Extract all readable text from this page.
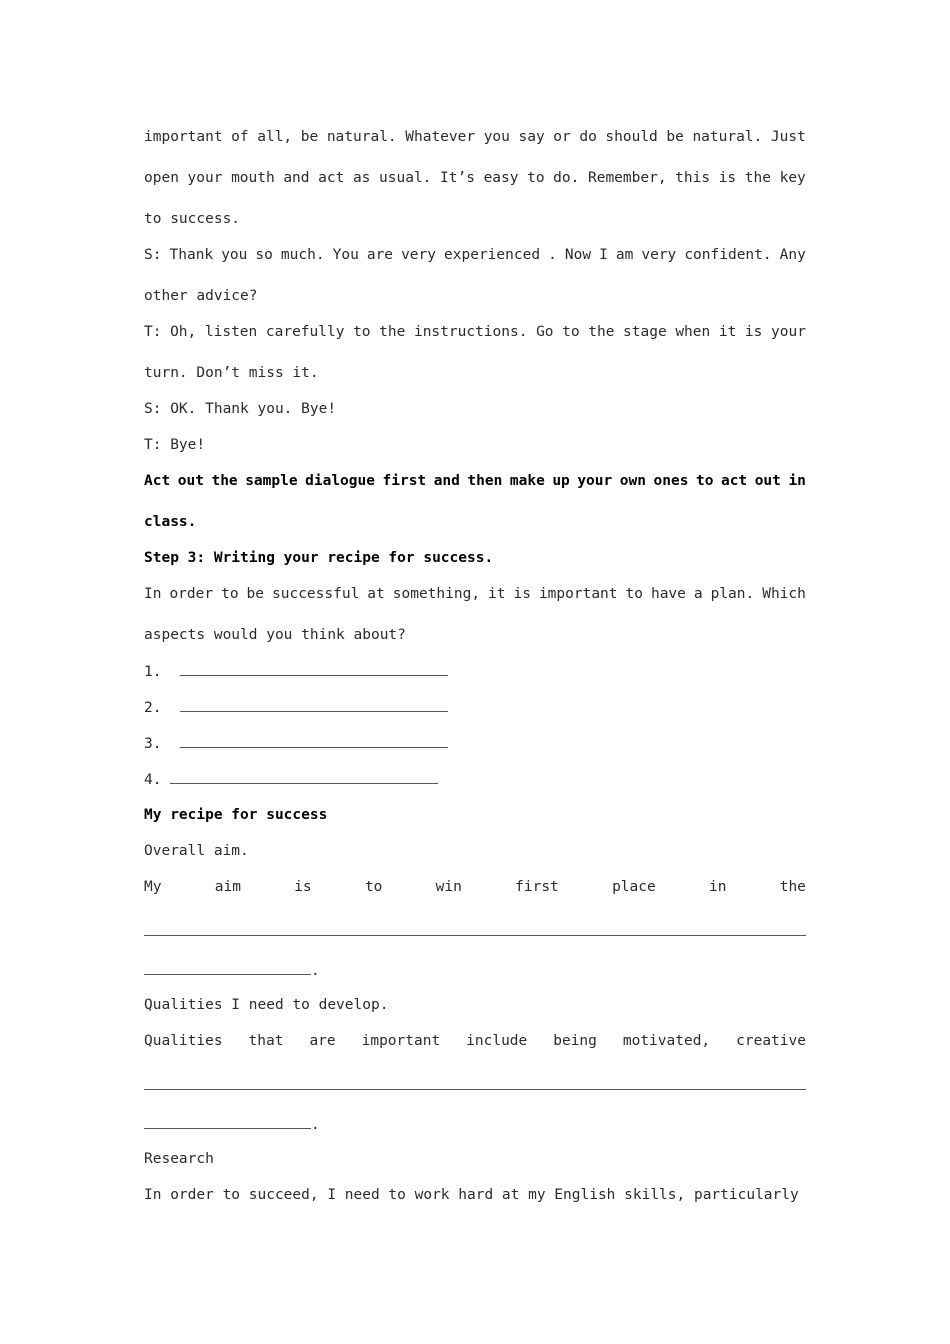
important of all, be natural. Whatever you say or do should be natural. Just
open your mouth and act as usual. It’s easy to do. Remember, this is the key
to success.
S: Thank you so much. You are very experienced . Now I am very confident. Any
other advice?
T: Oh, listen carefully to the instructions. Go to the stage when it is your
turn. Don’t miss it.
S: OK. Thank you. Bye!
T: Bye!
Act out the sample dialogue first and then make up your own ones to act out in
class.
Step 3: Writing your recipe for success.
In order to be successful at something, it is important to have a plan. Which
aspects would you think about?
1.
2.
3.
4.
My recipe for success
Overall aim.
My	aim	is	to	win	first	place	in	the
.
Qualities I need to develop.
Qualities that are important include being motivated, creative
.
Research
In order to succeed, I need to work hard at my English skills, particularly
